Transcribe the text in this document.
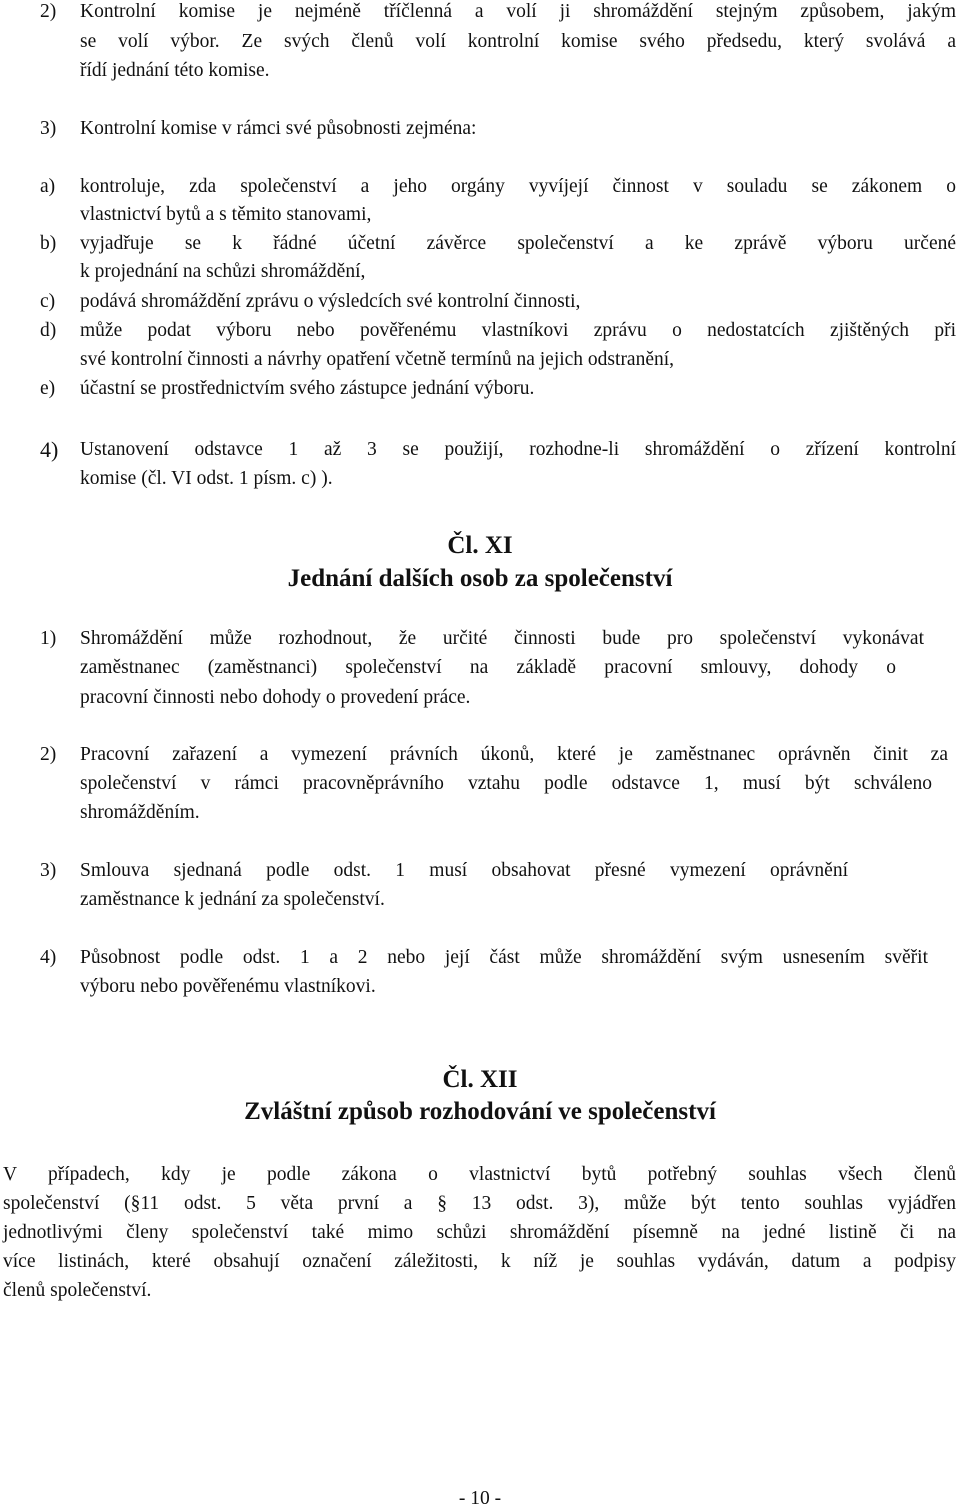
2) Kontrolní komise je nejméně tříčlenná a volí ji shromáždění stejným způsobem, jakým
se volí výbor. Ze svých členů volí kontrolní komise svého předsedu, který svolává a
řídí jednání této komise.
3) Kontrolní komise v rámci své působnosti zejména:
a) kontroluje, zda společenství a jeho orgány vyvíjejí činnost v souladu se zákonem o
vlastnictví bytů a s těmito stanovami,
b) vyjadřuje se k řádné účetní závěrce společenství a ke zprávě výboru určené
k projednání na schůzi shromáždění,
c) podává shromáždění zprávu o výsledcích své kontrolní činnosti,
d) může podat výboru nebo pověřenému vlastníkovi zprávu o nedostatcích zjištěných při
své kontrolní činnosti a návrhy opatření včetně termínů na jejich odstranění,
e) účastní se prostřednictvím svého zástupce jednání výboru.
4) Ustanovení odstavce 1 až 3 se použijí, rozhodne-li shromáždění o zřízení kontrolní
komise (čl. VI odst. 1 písm. c) ).
Čl. XI
Jednání dalších osob za společenství
1) Shromáždění může rozhodnout, že určité činnosti bude pro společenství vykonávat
zaměstnanec (zaměstnanci) společenství na základě pracovní smlouvy, dohody o
pracovní činnosti nebo dohody o provedení práce.
2) Pracovní zařazení a vymezení právních úkonů, které je zaměstnanec oprávněn činit za
společenství v rámci pracovněprávního vztahu podle odstavce 1, musí být schváleno
shromážděním.
3) Smlouva sjednaná podle odst. 1 musí obsahovat přesné vymezení oprávnění
zaměstnance k jednání za společenství.
4) Působnost podle odst. 1 a 2 nebo její část může shromáždění svým usnesením svěřit
výboru nebo pověřenému vlastníkovi.
Čl. XII
Zvláštní způsob rozhodování ve společenství
V případech, kdy je podle zákona o vlastnictví bytů potřebný souhlas všech členů
společenství (§11 odst. 5 věta první a § 13 odst. 3), může být tento souhlas vyjádřen
jednotlivými členy společenství také mimo schůzi shromáždění písemně na jedné listině či na
více listinách, které obsahují označení záležitosti, k níž je souhlas vydáván, datum a podpisy
členů společenství.
- 10 -
